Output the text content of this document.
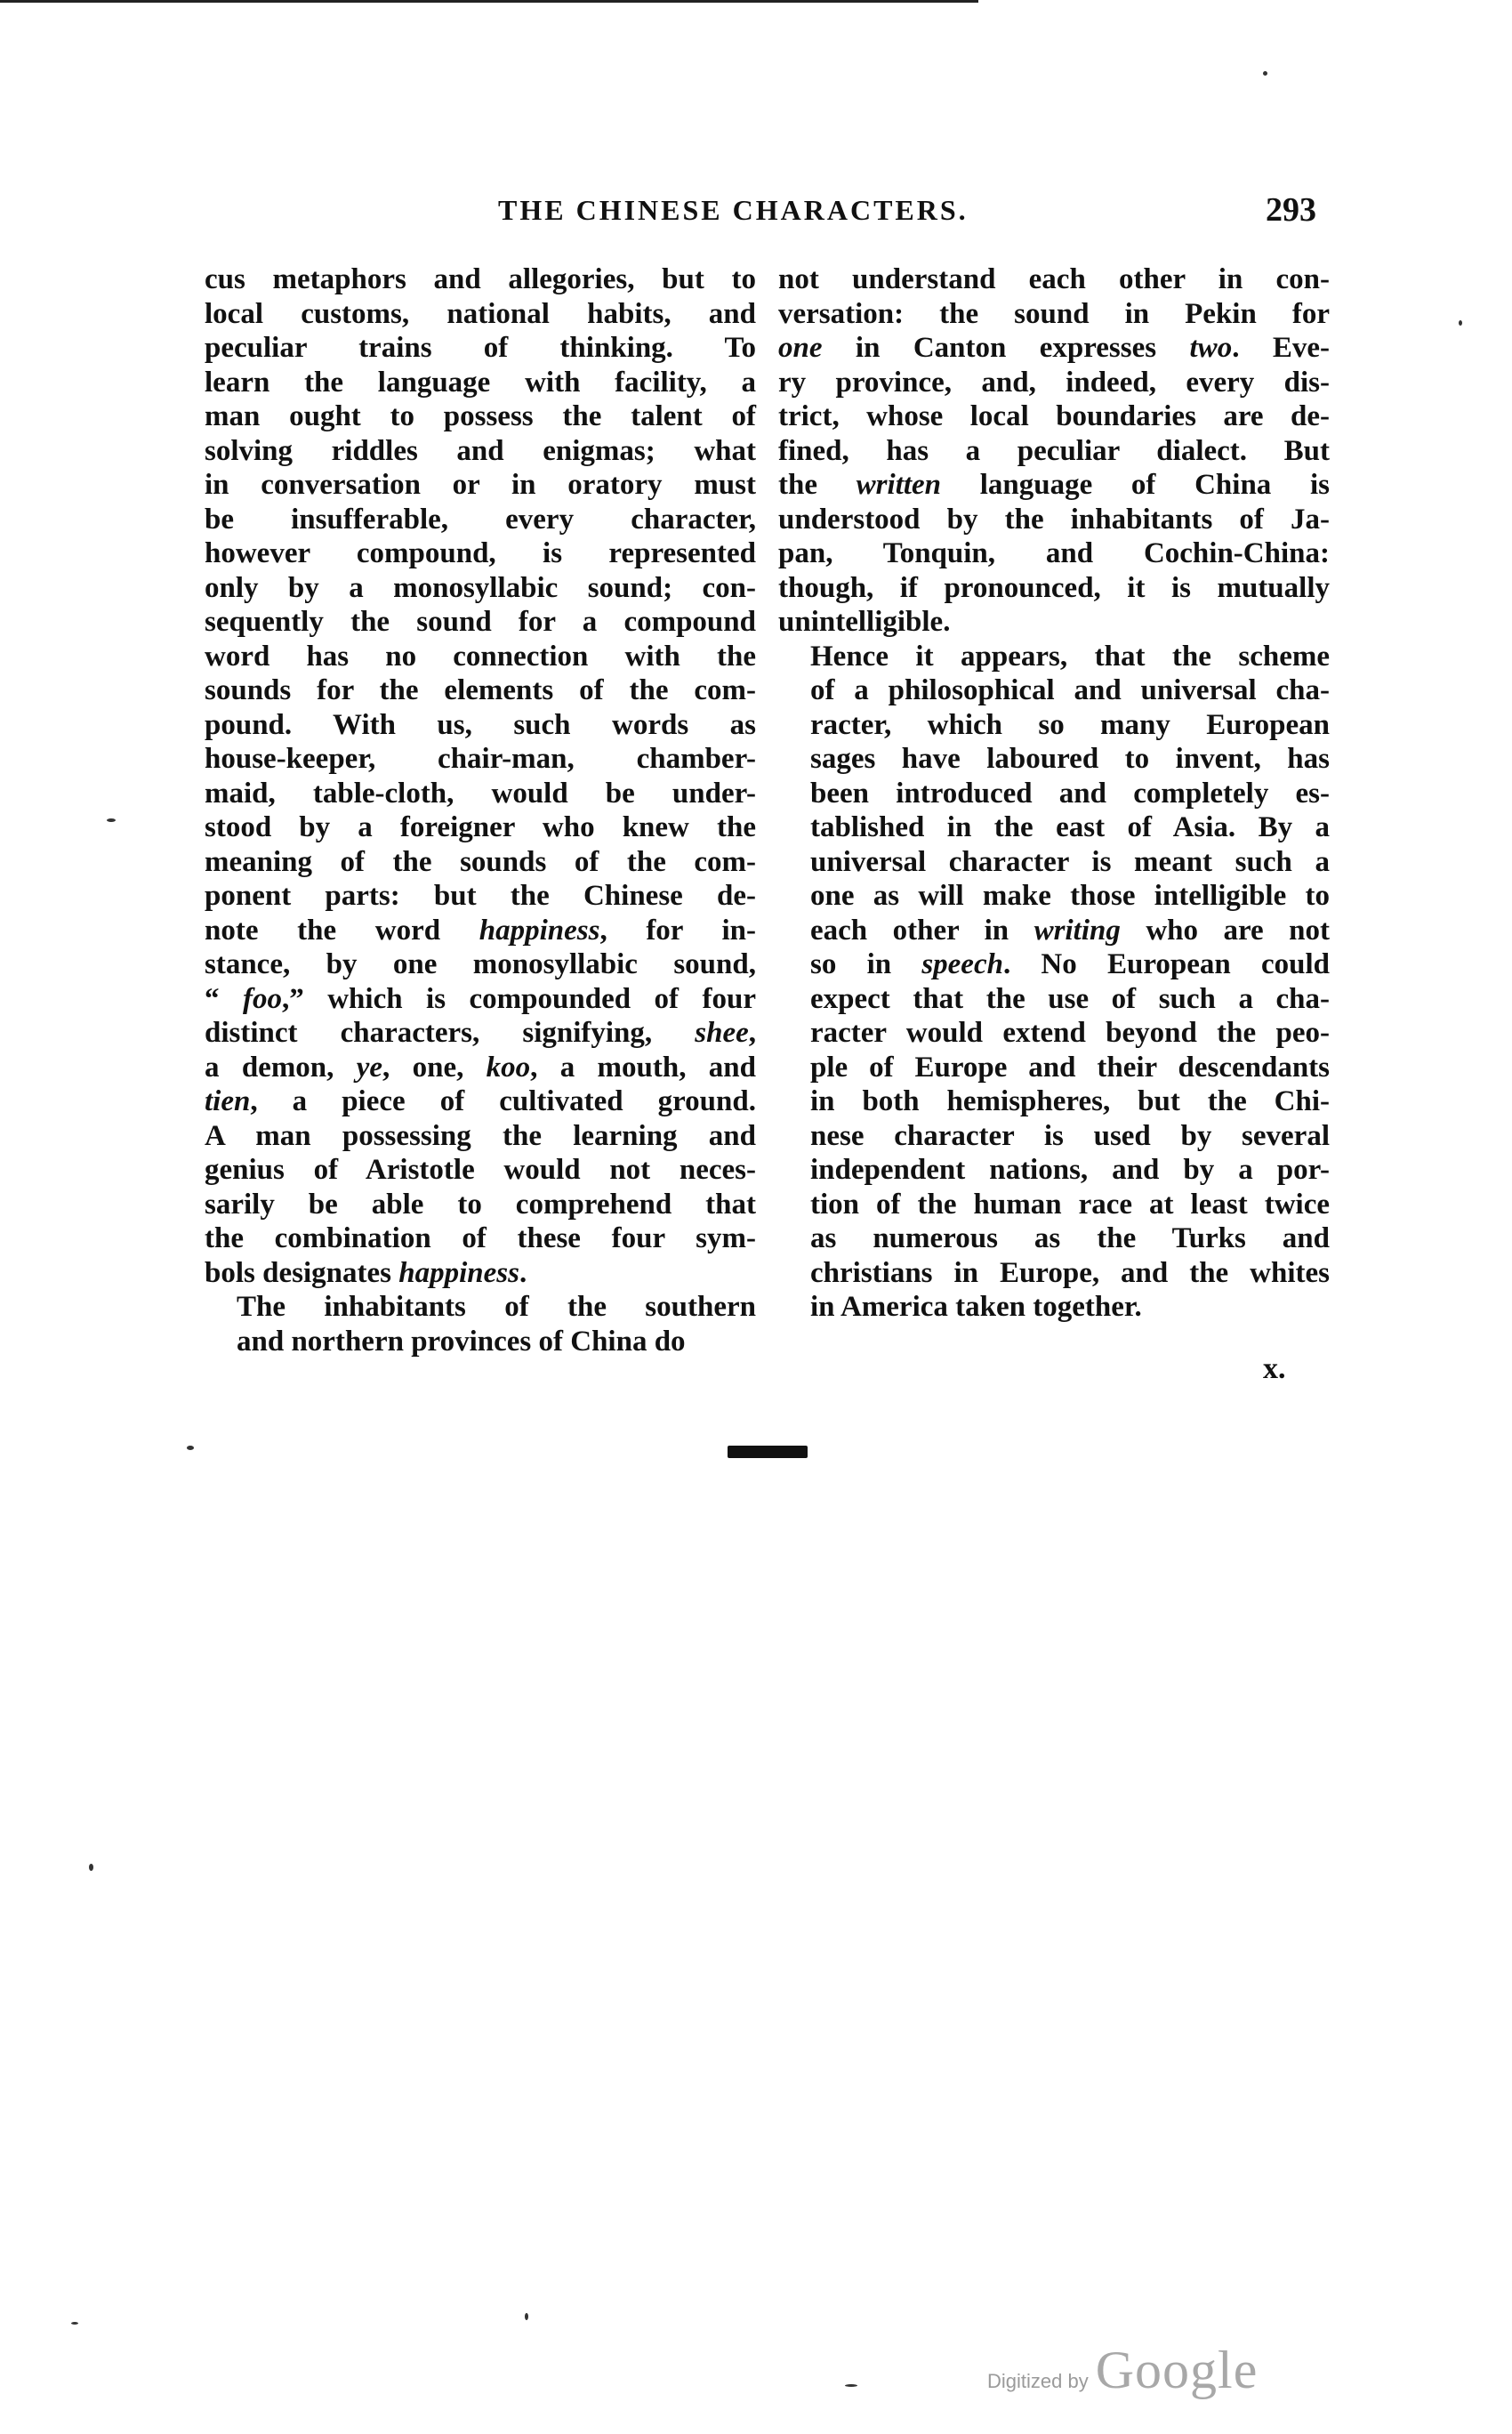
THE CHINESE CHARACTERS.	293

cus metaphors and allegories, but to
local customs, national habits, and
peculiar trains of thinking. To
learn the language with facility, a
man ought to possess the talent of
solving riddles and enigmas; what
in conversation or in oratory must
be insufferable, every character,
however compound, is represented
only by a monosyllabic sound; con-
sequently the sound for a compound
word has no connection with the
sounds for the elements of the com-
pound. With us, such words as
house-keeper, chair-man, chamber-
maid, table-cloth, would be under-
stood by a foreigner who knew the
meaning of the sounds of the com-
ponent parts: but the Chinese de-
note the word happiness, for in-
stance, by one monosyllabic sound,
“ foo,” which is compounded of four
distinct characters, signifying, shee,
a demon, ye, one, koo, a mouth, and
tien, a piece of cultivated ground.
A man possessing the learning and
genius of Aristotle would not neces-
sarily be able to comprehend that
the combination of these four sym-
bols designates happiness.

The inhabitants of the southern
and northern provinces of China do

not understand each other in con-
versation: the sound in Pekin for
one in Canton expresses two. Eve-
ry province, and, indeed, every dis-
trict, whose local boundaries are de-
fined, has a peculiar dialect. But
the written language of China is
understood by the inhabitants of Ja-
pan, Tonquin, and Cochin-China:
though, if pronounced, it is mutually
unintelligible.

Hence it appears, that the scheme
of a philosophical and universal cha-
racter, which so many European
sages have laboured to invent, has
been introduced and completely es-
tablished in the east of Asia. By a
universal character is meant such a
one as will make those intelligible to
each other in writing who are not
so in speech. No European could
expect that the use of such a cha-
racter would extend beyond the peo-
ple of Europe and their descendants
in both hemispheres, but the Chi-
nese character is used by several
independent nations, and by a por-
tion of the human race at least twice
as numerous as the Turks and
christians in Europe, and the whites
in America taken together.

x.
Digitized by Google
